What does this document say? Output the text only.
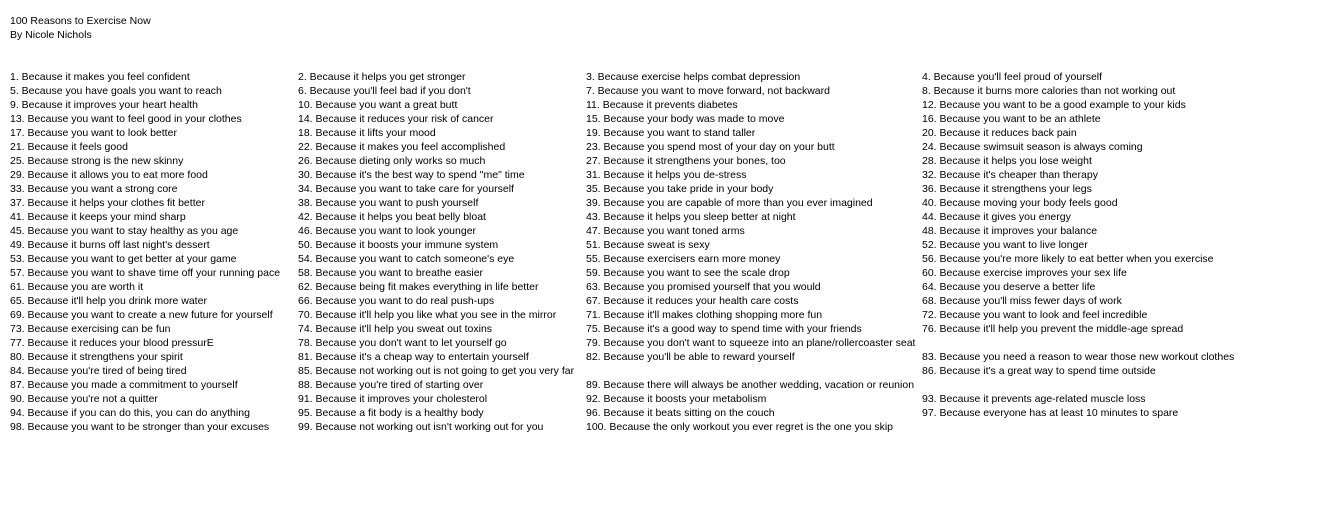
100 Reasons to Exercise Now
By Nicole Nichols
1. Because it makes you feel confident	2. Because it helps you get stronger	3. Because exercise helps combat depression	4. Because you'll feel proud of yourself
5. Because you have goals you want to reach	6. Because you'll feel bad if you don't	7. Because you want to move forward, not backward	8. Because it burns more calories than not working out
9. Because it improves your heart health	10. Because you want a great butt	11. Because it prevents diabetes	12. Because you want to be a good example to your kids
13. Because you want to feel good in your clothes	14. Because it reduces your risk of cancer	15. Because your body was made to move	16. Because you want to be an athlete
17. Because you want to look better	18. Because it lifts your mood	19. Because you want to stand taller	20. Because it reduces back pain
21. Because it feels good	22. Because it makes you feel accomplished	23. Because you spend most of your day on your butt	24. Because swimsuit season is always coming
25. Because strong is the new skinny	26. Because dieting only works so much	27. Because it strengthens your bones, too	28. Because it helps you lose weight
29. Because it allows you to eat more food	30. Because it's the best way to spend "me" time	31. Because it helps you de-stress	32. Because it's cheaper than therapy
33. Because you want a strong core	34. Because you want to take care for yourself	35. Because you take pride in your body	36. Because it strengthens your legs
37. Because it helps your clothes fit better	38. Because you want to push yourself	39. Because you are capable of more than you ever imagined	40. Because moving your body feels good
41. Because it keeps your mind sharp	42. Because it helps you beat belly bloat	43. Because it helps you sleep better at night	44. Because it gives you energy
45. Because you want to stay healthy as you age	46. Because you want to look younger	47. Because you want toned arms	48. Because it improves your balance
49. Because it burns off last night's dessert	50. Because it boosts your immune system	51. Because sweat is sexy	52. Because you want to live longer
53. Because you want to get better at your game	54. Because you want to catch someone's eye	55. Because exercisers earn more money	56. Because you're more likely to eat better when you exercise
57. Because you want to shave time off your running pace 58. Because you want to breathe easier	59. Because you want to see the scale drop	60. Because exercise improves your sex life
61. Because you are worth it	62. Because being fit makes everything in life better	63. Because you promised yourself that you would	64. Because you deserve a better life
65. Because it'll help you drink more water	66. Because you want to do real push-ups	67. Because it reduces your health care costs	68. Because you'll miss fewer days of work
69. Because you want to create a new future for yourself 70. Because it'll help you like what you see in the mirror	71. Because it'll makes clothing shopping more fun	72. Because you want to look and feel incredible
73. Because exercising can be fun	74. Because it'll help you sweat out toxins	75. Because it's a good way to spend time with your friends	76. Because it'll help you prevent the middle-age spread
77. Because it reduces your blood pressurE	78. Because you don't want to let yourself go	79. Because you don't want to squeeze into an plane/rollercoaster seat
80. Because it strengthens your spirit	81. Because it's a cheap way to entertain yourself	82. Because you'll be able to reward yourself	83. Because you need a reason to wear those new workout clothes
84. Because you're tired of being tired	85. Because not working out is not going to get you very far	86. Because it's a great way to spend time outside
87. Because you made a commitment to yourself	88. Because you're tired of starting over	89. Because there will always be another wedding, vacation or reunion
90. Because you're not a quitter	91. Because it improves your cholesterol	92. Because it boosts your metabolism	93. Because it prevents age-related muscle loss
94. Because if you can do this, you can do anything	95. Because a fit body is a healthy body	96. Because it beats sitting on the couch	97. Because everyone has at least 10 minutes to spare
98. Because you want to be stronger than your excuses	99. Because not working out isn't working out for you	100. Because the only workout you ever regret is the one you skip
